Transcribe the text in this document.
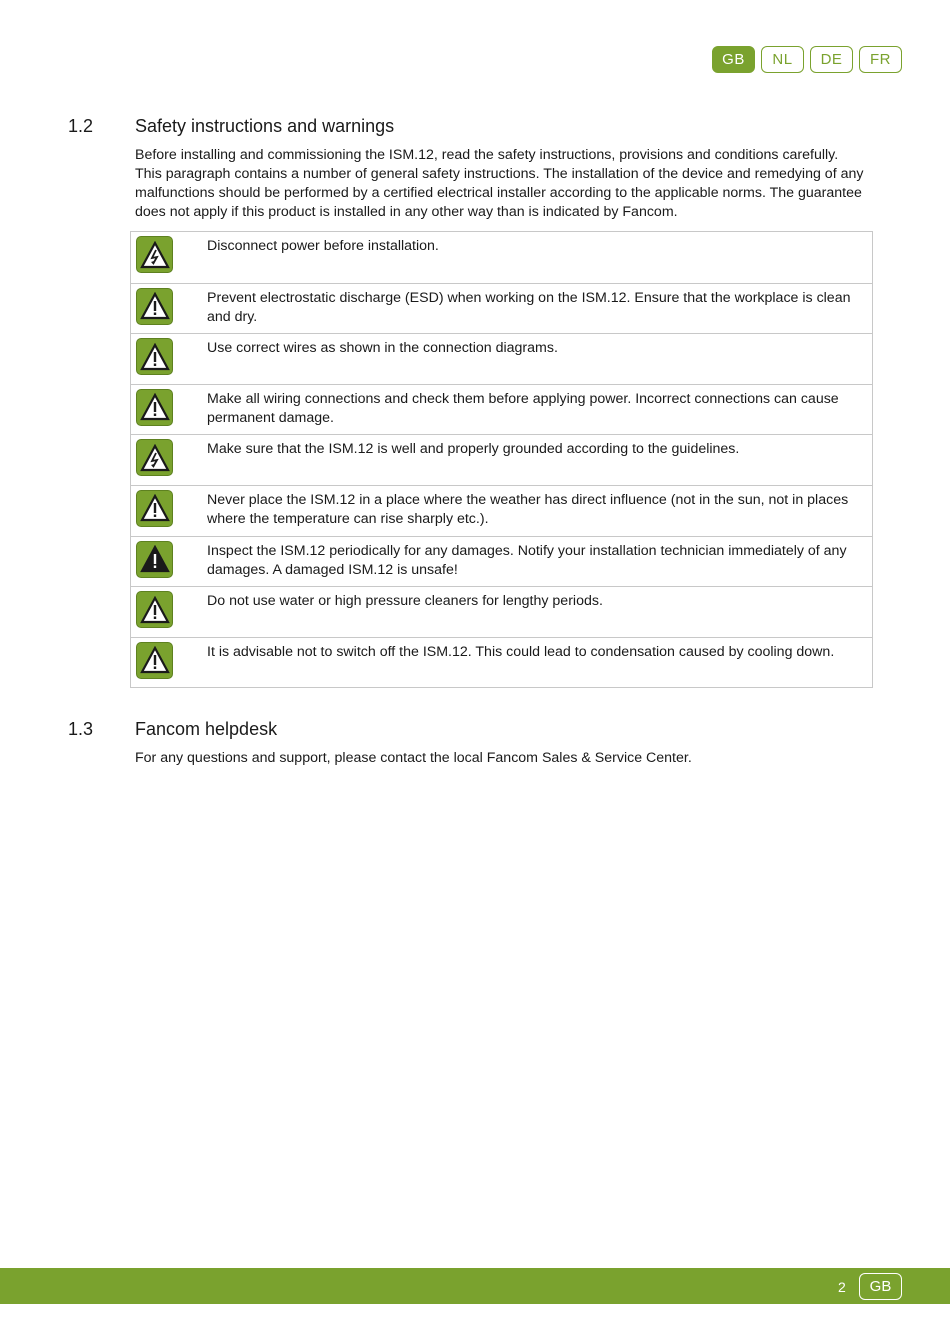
GB	NL	DE	FR
1.2 Safety instructions and warnings

Before installing and commissioning the ISM.12, read the safety instructions, provisions and conditions carefully. This paragraph contains a number of general safety instructions. The installation of the device and remedying of any malfunctions should be performed by a certified electrical installer according to the applicable norms. The guarantee does not apply if this product is installed in any other way than is indicated by Fancom.

Disconnect power before installation.

Prevent electrostatic discharge (ESD) when working on the ISM.12. Ensure that the workplace is clean and dry.

Use correct wires as shown in the connection diagrams.

Make all wiring connections and check them before applying power. Incorrect connections can cause permanent damage.

Make sure that the ISM.12 is well and properly grounded according to the guidelines.

Never place the ISM.12 in a place where the weather has direct influence (not in the sun, not in places where the temperature can rise sharply etc.).

Inspect the ISM.12 periodically for any damages. Notify your installation technician immediately of any damages. A damaged ISM.12 is unsafe!

Do not use water or high pressure cleaners for lengthy periods.

It is advisable not to switch off the ISM.12. This could lead to condensation caused by cooling down.

1.3 Fancom helpdesk

For any questions and support, please contact the local Fancom Sales & Service Center.

2	GB
